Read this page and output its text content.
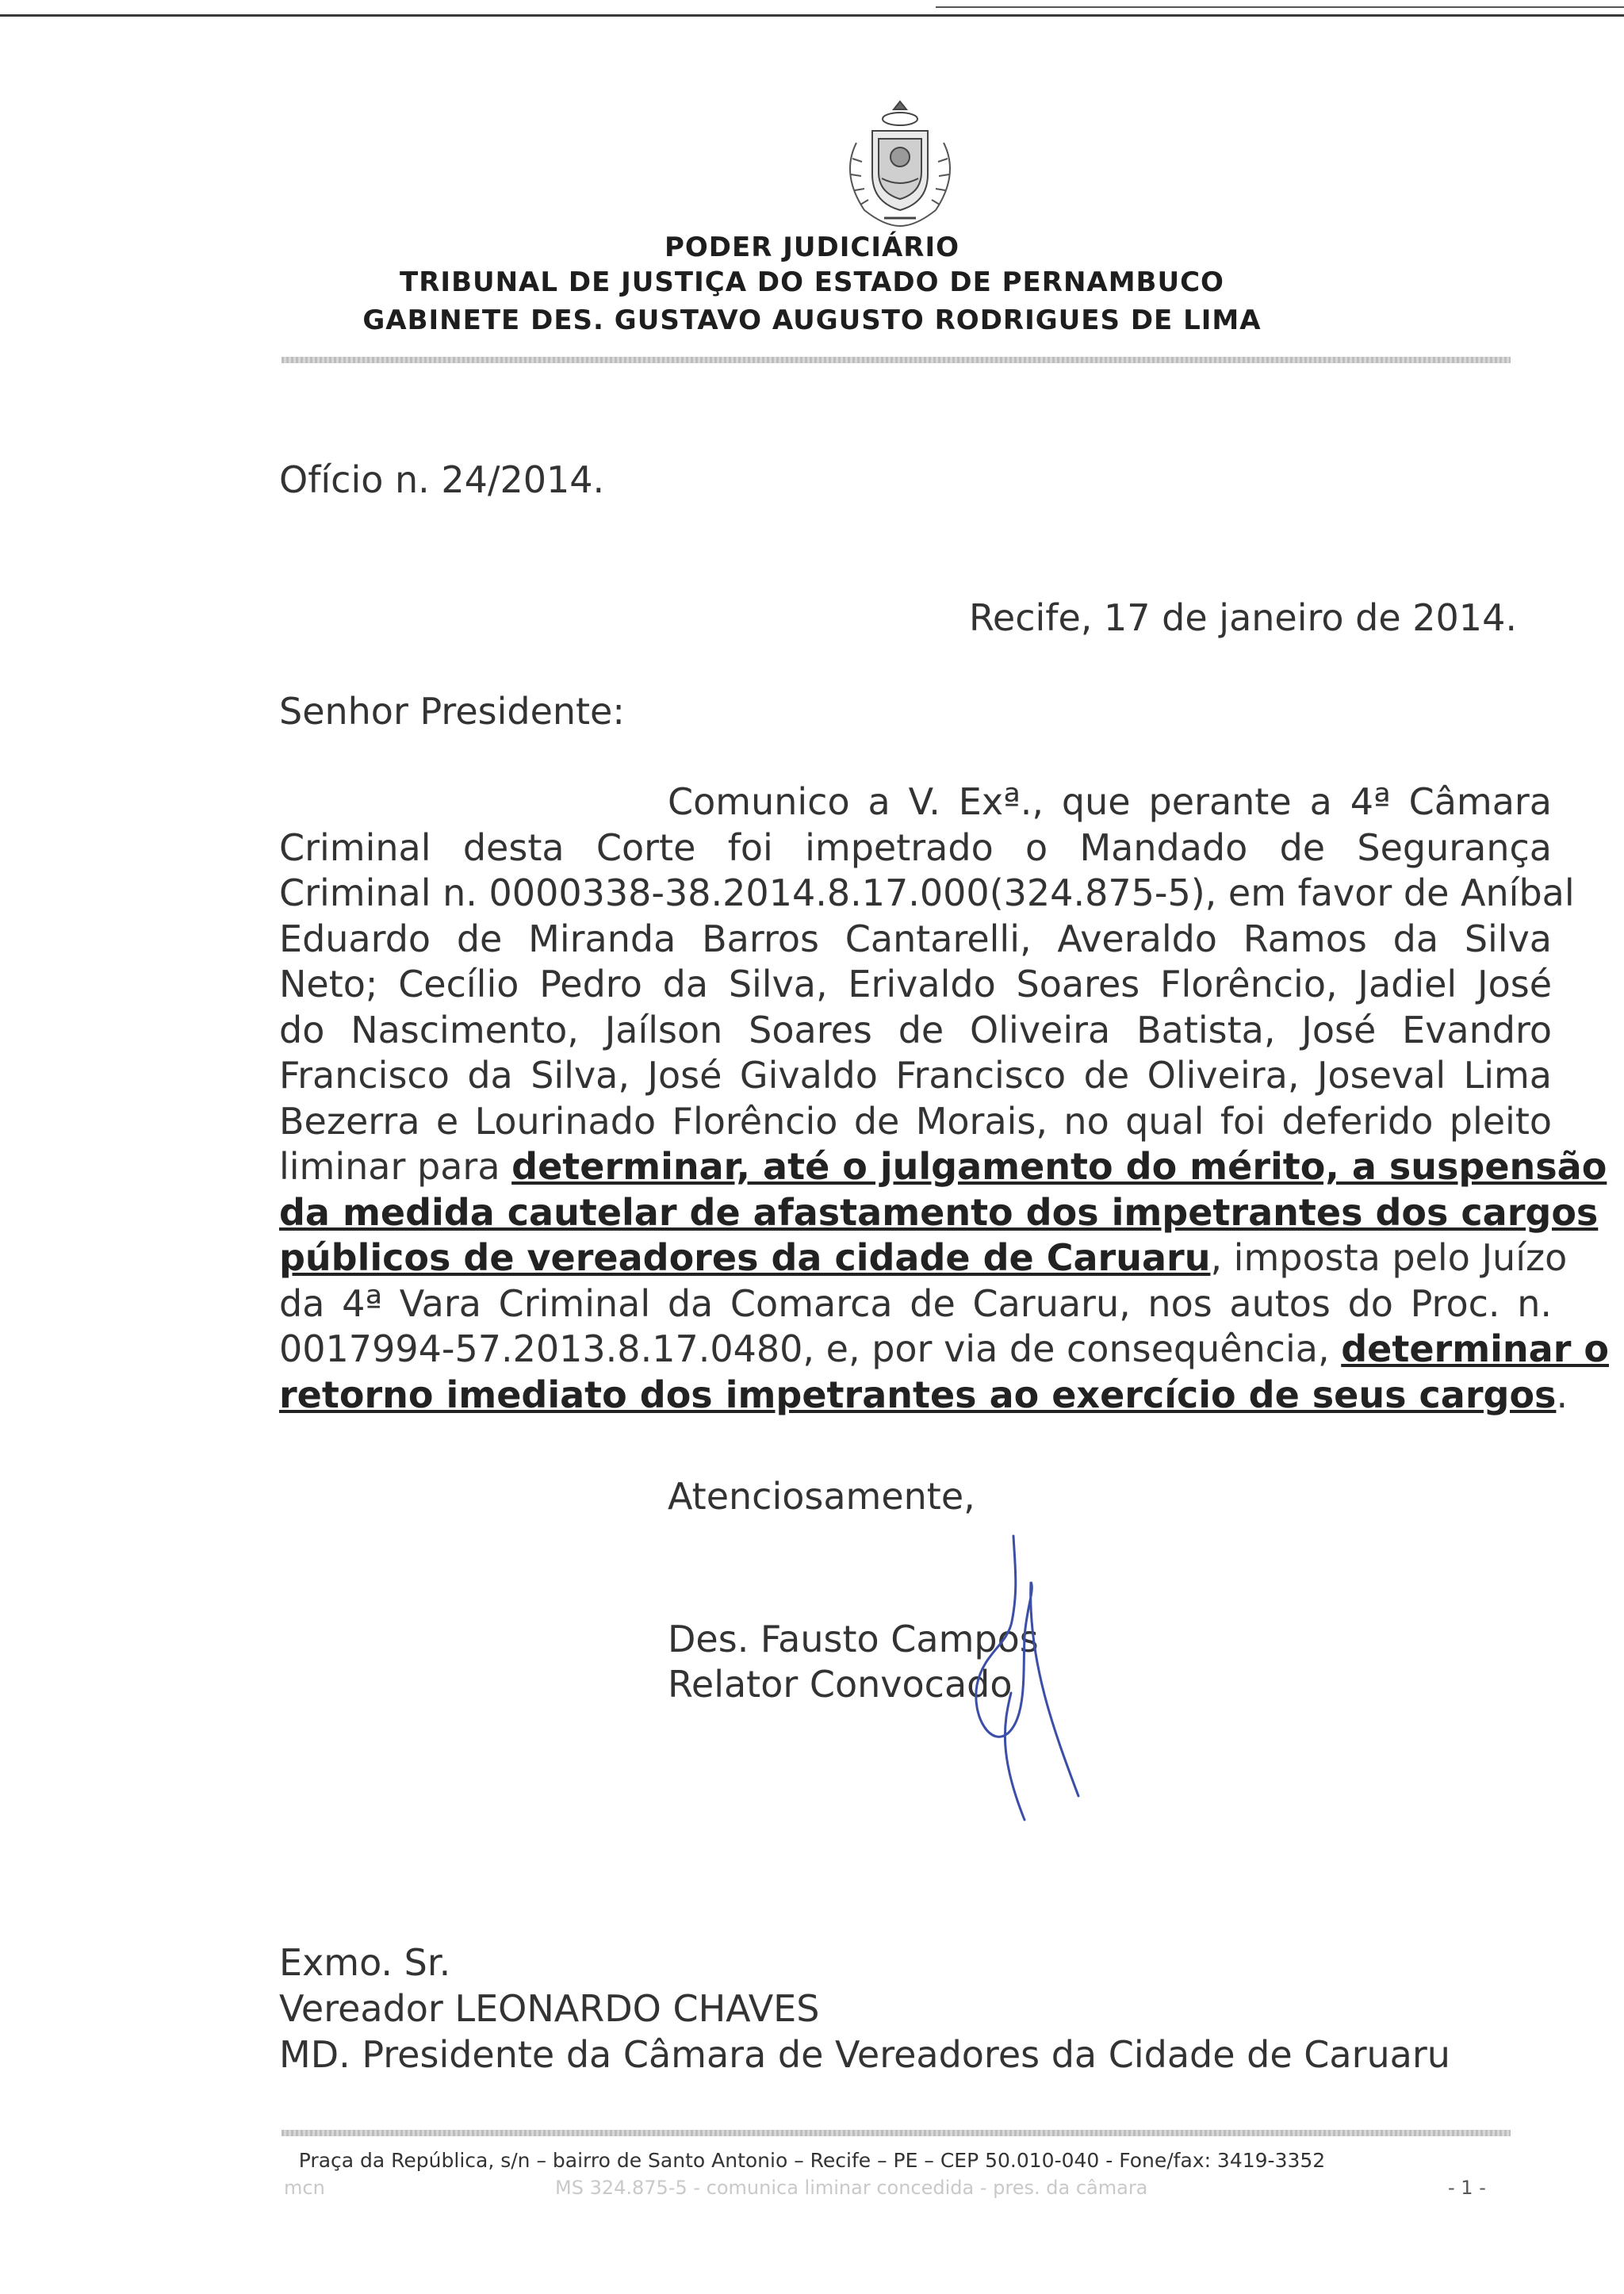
PODER JUDICIÁRIO
TRIBUNAL DE JUSTIÇA DO ESTADO DE PERNAMBUCO
GABINETE DES. GUSTAVO AUGUSTO RODRIGUES DE LIMA
Ofício n. 24/2014.
Recife, 17 de janeiro de 2014.
Senhor Presidente:
Comunico a V. Exª., que perante a 4ª Câmara
Criminal desta Corte foi impetrado o Mandado de Segurança
Criminal n. 0000338-38.2014.8.17.000(324.875-5), em favor de Aníbal
Eduardo de Miranda Barros Cantarelli, Averaldo Ramos da Silva
Neto; Cecílio Pedro da Silva, Erivaldo Soares Florêncio, Jadiel José
do Nascimento, Jaílson Soares de Oliveira Batista, José Evandro
Francisco da Silva, José Givaldo Francisco de Oliveira, Joseval Lima
Bezerra e Lourinado Florêncio de Morais, no qual foi deferido pleito
liminar para determinar, até o julgamento do mérito, a suspensão
da medida cautelar de afastamento dos impetrantes dos cargos
públicos de vereadores da cidade de Caruaru, imposta pelo Juízo
da 4ª Vara Criminal da Comarca de Caruaru, nos autos do Proc. n.
0017994-57.2013.8.17.0480, e, por via de consequência, determinar o
retorno imediato dos impetrantes ao exercício de seus cargos.
Atenciosamente,
Des. Fausto Campos
Relator Convocado
Exmo. Sr.
Vereador LEONARDO CHAVES
MD. Presidente da Câmara de Vereadores da Cidade de Caruaru
Praça da República, s/n – bairro de Santo Antonio – Recife – PE – CEP 50.010-040 - Fone/fax: 3419-3352
mcn	MS 324.875-5 - comunica liminar concedida - pres. da câmara	- 1 -
